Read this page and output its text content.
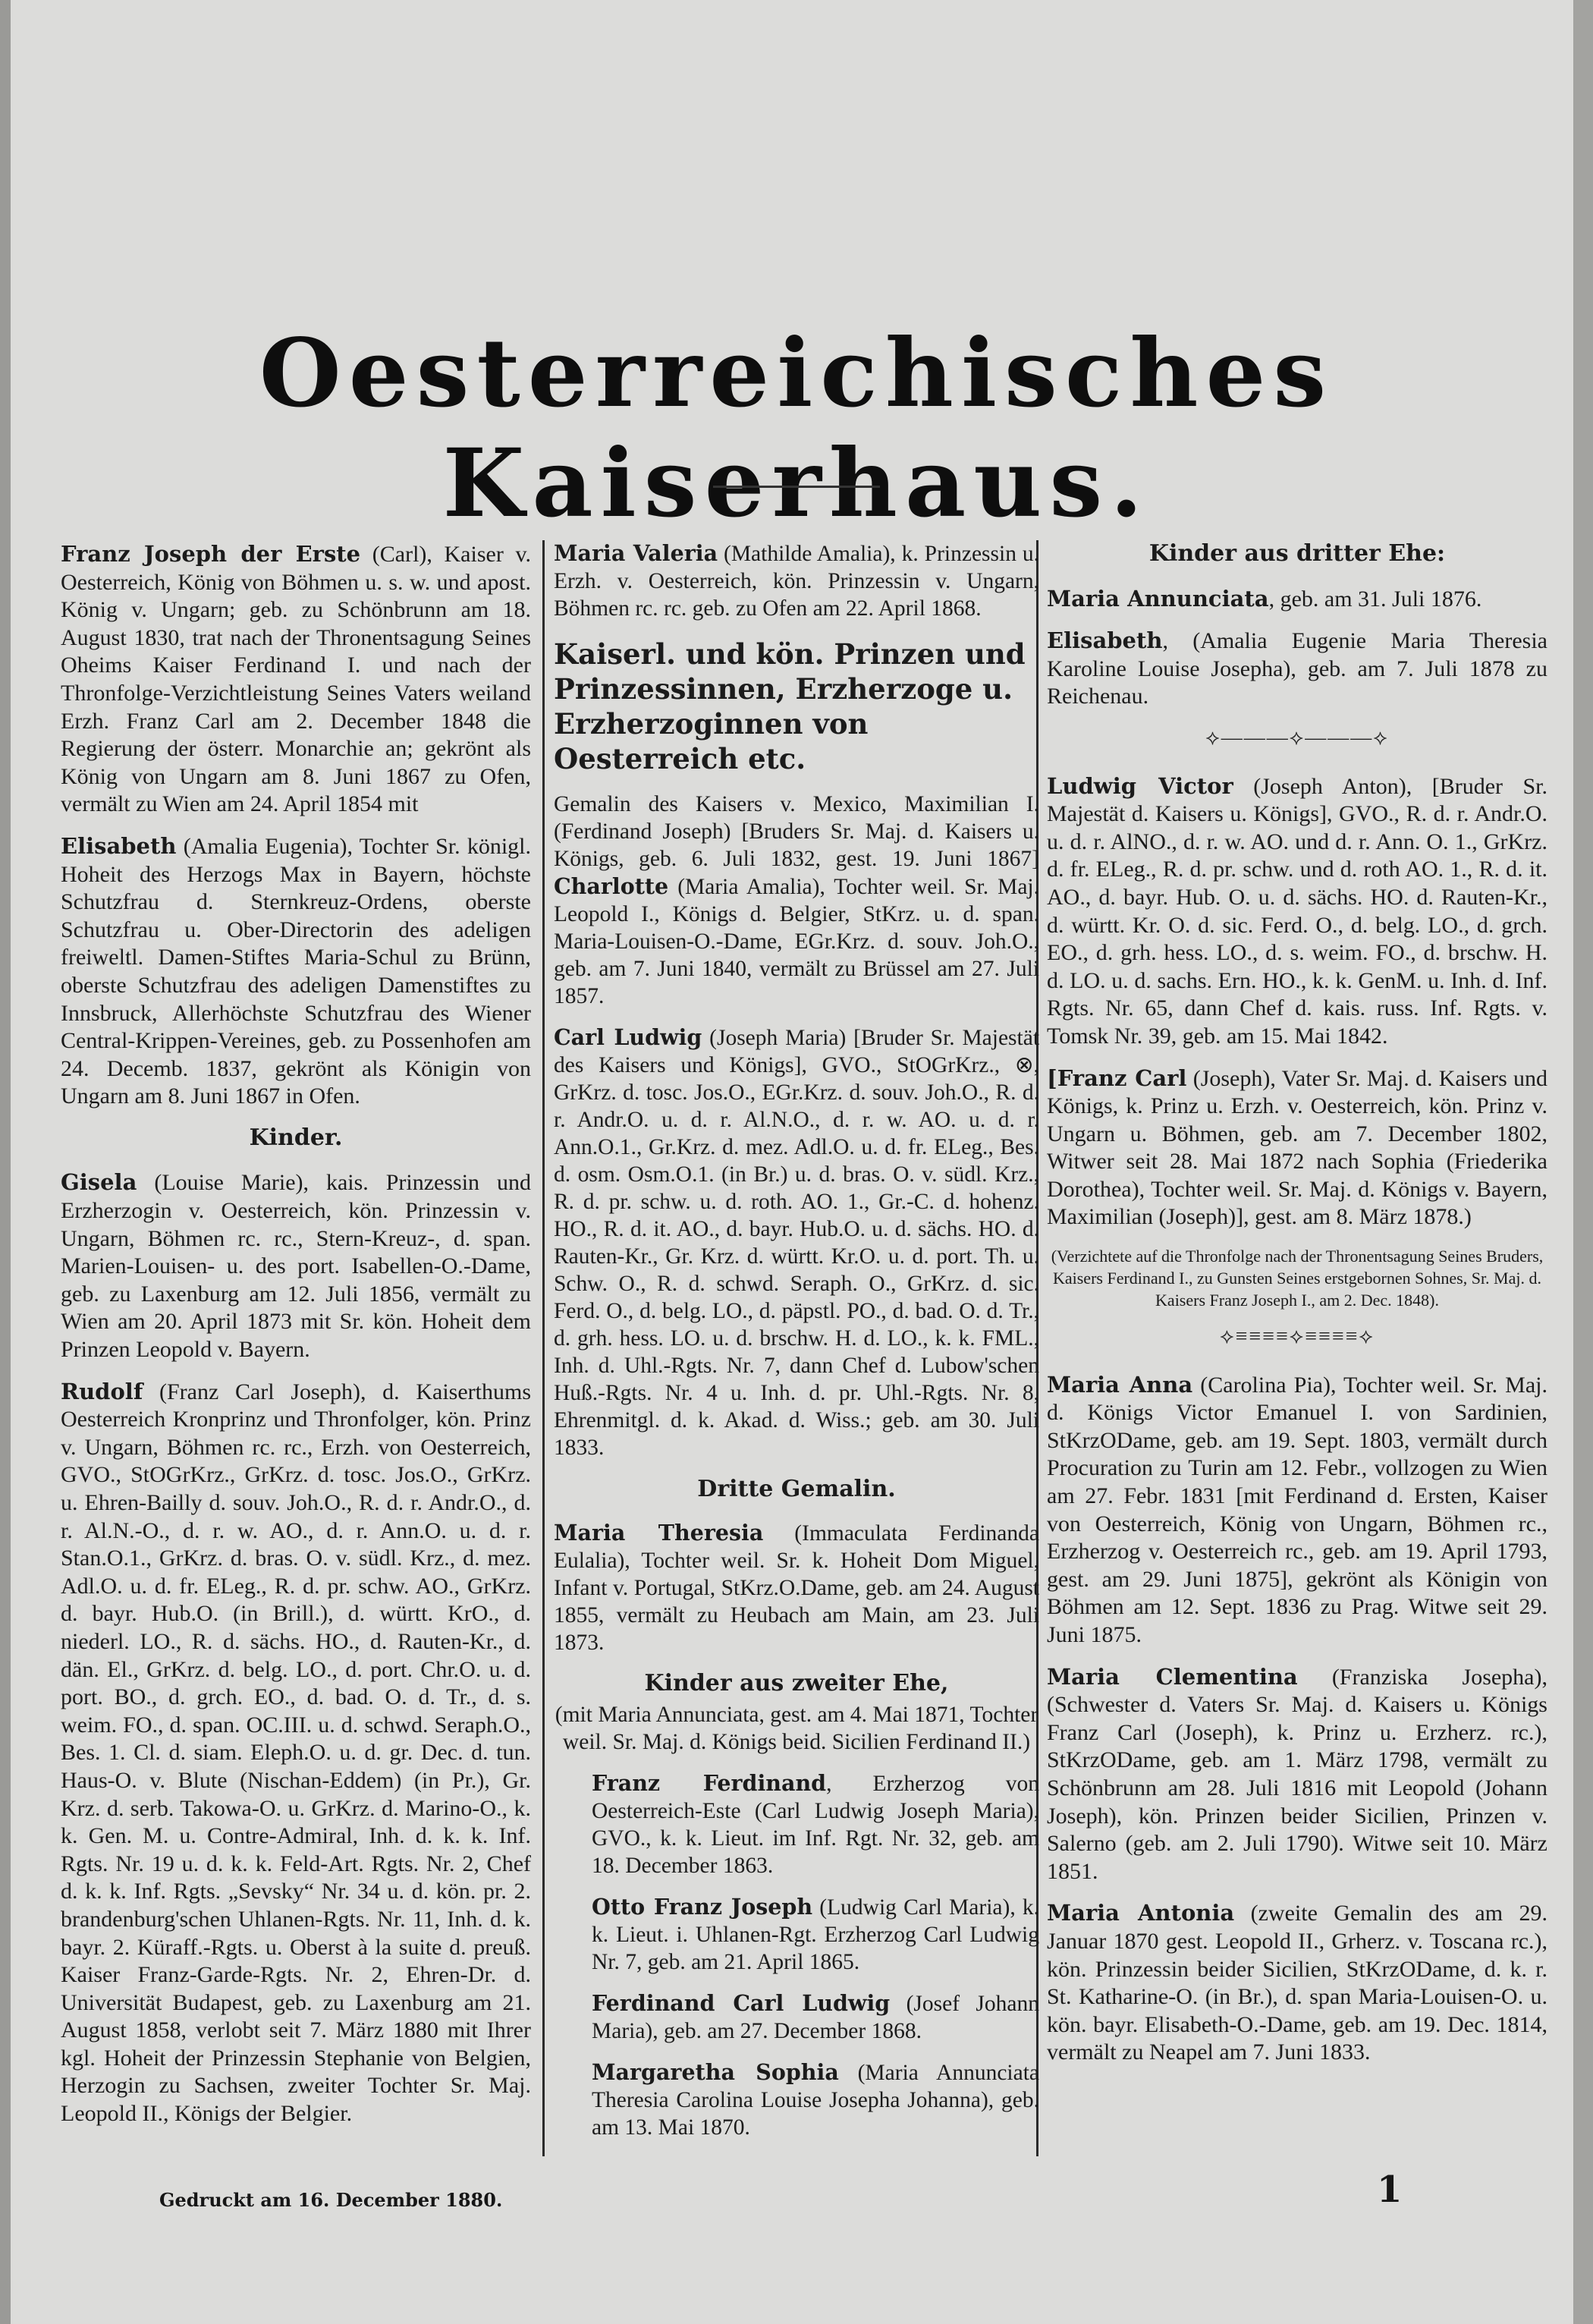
Oesterreichisches Kaiserhaus.

Franz Joseph der Erste (Carl), Kaiser v. Oesterreich, König von Böhmen u. s. w. und apost. König v. Ungarn; geb. zu Schönbrunn am 18. August 1830, trat nach der Thronentsagung Seines Oheims Kaiser Ferdinand I. und nach der Thronfolge-Verzichtleistung Seines Vaters weiland Erzh. Franz Carl am 2. December 1848 die Regierung der österr. Monarchie an; gekrönt als König von Ungarn am 8. Juni 1867 zu Ofen, vermält zu Wien am 24. April 1854 mit

Elisabeth (Amalia Eugenia), Tochter Sr. königl. Hoheit des Herzogs Max in Bayern, höchste Schutzfrau d. Sternkreuz-Ordens, oberste Schutzfrau u. Ober-Directorin des adeligen freiweltl. Damen-Stiftes Maria-Schul zu Brünn, oberste Schutzfrau des adeligen Damenstiftes zu Innsbruck, Allerhöchste Schutzfrau des Wiener Central-Krippen-Vereines, geb. zu Possenhofen am 24. Decemb. 1837, gekrönt als Königin von Ungarn am 8. Juni 1867 in Ofen.

Kinder.

Gisela (Louise Marie), kais. Prinzessin und Erzherzogin v. Oesterreich, kön. Prinzessin v. Ungarn, Böhmen rc. rc., Stern-Kreuz-, d. span. Marien-Louisen- u. des port. Isabellen-O.-Dame, geb. zu Laxenburg am 12. Juli 1856, vermält zu Wien am 20. April 1873 mit Sr. kön. Hoheit dem Prinzen Leopold v. Bayern.

Rudolf (Franz Carl Joseph), d. Kaiserthums Oesterreich Kronprinz und Thronfolger, kön. Prinz v. Ungarn, Böhmen rc. rc., Erzh. von Oesterreich, GVO., StOGrKrz., GrKrz. d. tosc. Jos.O., GrKrz. u. Ehren-Bailly d. souv. Joh.O., R. d. r. Andr.O., d. r. Al.N.-O., d. r. w. AO., d. r. Ann.O. u. d. r. Stan.O.1., GrKrz. d. bras. O. v. südl. Krz., d. mez. Adl.O. u. d. fr. ELeg., R. d. pr. schw. AO., GrKrz. d. bayr. Hub.O. (in Brill.), d. württ. KrO., d. niederl. LO., R. d. sächs. HO., d. Rauten-Kr., d. dän. El., GrKrz. d. belg. LO., d. port. Chr.O. u. d. port. BO., d. grch. EO., d. bad. O. d. Tr., d. s. weim. FO., d. span. OC.III. u. d. schwd. Seraph.O., Bes. 1. Cl. d. siam. Eleph.O. u. d. gr. Dec. d. tun. Haus-O. v. Blute (Nischan-Eddem) (in Pr.), Gr. Krz. d. serb. Takowa-O. u. GrKrz. d. Marino-O., k. k. Gen. M. u. Contre-Admiral, Inh. d. k. k. Inf. Rgts. Nr. 19 u. d. k. k. Feld-Art. Rgts. Nr. 2, Chef d. k. k. Inf. Rgts. „Sevsky“ Nr. 34 u. d. kön. pr. 2. brandenburg'schen Uhlanen-Rgts. Nr. 11, Inh. d. k. bayr. 2. Küraff.-Rgts. u. Oberst à la suite d. preuß. Kaiser Franz-Garde-Rgts. Nr. 2, Ehren-Dr. d. Universität Budapest, geb. zu Laxenburg am 21. August 1858, verlobt seit 7. März 1880 mit Ihrer kgl. Hoheit der Prinzessin Stephanie von Belgien, Herzogin zu Sachsen, zweiter Tochter Sr. Maj. Leopold II., Königs der Belgier.

Maria Valeria (Mathilde Amalia), k. Prinzessin u. Erzh. v. Oesterreich, kön. Prinzessin v. Ungarn, Böhmen rc. rc. geb. zu Ofen am 22. April 1868.

Kaiserl. und kön. Prinzen und Prinzessinnen, Erzherzoge u. Erzherzoginnen von Oesterreich etc.

Gemalin des Kaisers v. Mexico, Maximilian I. (Ferdinand Joseph) [Bruders Sr. Maj. d. Kaisers u. Königs, geb. 6. Juli 1832, gest. 19. Juni 1867] Charlotte (Maria Amalia), Tochter weil. Sr. Maj. Leopold I., Königs d. Belgier, StKrz. u. d. span. Maria-Louisen-O.-Dame, EGr.Krz. d. souv. Joh.O., geb. am 7. Juni 1840, vermält zu Brüssel am 27. Juli 1857.

Carl Ludwig (Joseph Maria) [Bruder Sr. Majestät des Kaisers und Königs], GVO., StOGrKrz., ⊗, GrKrz. d. tosc. Jos.O., EGr.Krz. d. souv. Joh.O., R. d. r. Andr.O. u. d. r. Al.N.O., d. r. w. AO. u. d. r. Ann.O.1., Gr.Krz. d. mez. Adl.O. u. d. fr. ELeg., Bes. d. osm. Osm.O.1. (in Br.) u. d. bras. O. v. südl. Krz., R. d. pr. schw. u. d. roth. AO. 1., Gr.-C. d. hohenz. HO., R. d. it. AO., d. bayr. Hub.O. u. d. sächs. HO. d. Rauten-Kr., Gr. Krz. d. württ. Kr.O. u. d. port. Th. u. Schw. O., R. d. schwd. Seraph. O., GrKrz. d. sic. Ferd. O., d. belg. LO., d. päpstl. PO., d. bad. O. d. Tr., d. grh. hess. LO. u. d. brschw. H. d. LO., k. k. FML., Inh. d. Uhl.-Rgts. Nr. 7, dann Chef d. Lubow'schen Huß.-Rgts. Nr. 4 u. Inh. d. pr. Uhl.-Rgts. Nr. 8, Ehrenmitgl. d. k. Akad. d. Wiss.; geb. am 30. Juli 1833.

Dritte Gemalin.

Maria Theresia (Immaculata Ferdinanda Eulalia), Tochter weil. Sr. k. Hoheit Dom Miguel, Infant v. Portugal, StKrz.O.Dame, geb. am 24. August 1855, vermält zu Heubach am Main, am 23. Juli 1873.

Kinder aus zweiter Ehe,

(mit Maria Annunciata, gest. am 4. Mai 1871, Tochter weil. Sr. Maj. d. Königs beid. Sicilien Ferdinand II.)

Franz Ferdinand, Erzherzog von Oesterreich-Este (Carl Ludwig Joseph Maria), GVO., k. k. Lieut. im Inf. Rgt. Nr. 32, geb. am 18. December 1863.

Otto Franz Joseph (Ludwig Carl Maria), k. k. Lieut. i. Uhlanen-Rgt. Erzherzog Carl Ludwig Nr. 7, geb. am 21. April 1865.

Ferdinand Carl Ludwig (Josef Johann Maria), geb. am 27. December 1868.

Margaretha Sophia (Maria Annunciata Theresia Carolina Louise Josepha Johanna), geb. am 13. Mai 1870.

Kinder aus dritter Ehe:

Maria Annunciata, geb. am 31. Juli 1876.

Elisabeth, (Amalia Eugenie Maria Theresia Karoline Louise Josepha), geb. am 7. Juli 1878 zu Reichenau.

⟡———⟡———⟡

Ludwig Victor (Joseph Anton), [Bruder Sr. Majestät d. Kaisers u. Königs], GVO., R. d. r. Andr.O. u. d. r. AlNO., d. r. w. AO. und d. r. Ann. O. 1., GrKrz. d. fr. ELeg., R. d. pr. schw. und d. roth AO. 1., R. d. it. AO., d. bayr. Hub. O. u. d. sächs. HO. d. Rauten-Kr., d. württ. Kr. O. d. sic. Ferd. O., d. belg. LO., d. grch. EO., d. grh. hess. LO., d. s. weim. FO., d. brschw. H. d. LO. u. d. sachs. Ern. HO., k. k. GenM. u. Inh. d. Inf. Rgts. Nr. 65, dann Chef d. kais. russ. Inf. Rgts. v. Tomsk Nr. 39, geb. am 15. Mai 1842.

[Franz Carl (Joseph), Vater Sr. Maj. d. Kaisers und Königs, k. Prinz u. Erzh. v. Oesterreich, kön. Prinz v. Ungarn u. Böhmen, geb. am 7. December 1802, Witwer seit 28. Mai 1872 nach Sophia (Friederika Dorothea), Tochter weil. Sr. Maj. d. Königs v. Bayern, Maximilian (Joseph)], gest. am 8. März 1878.)

(Verzichtete auf die Thronfolge nach der Thronentsagung Seines Bruders, Kaisers Ferdinand I., zu Gunsten Seines erstgebornen Sohnes, Sr. Maj. d. Kaisers Franz Joseph I., am 2. Dec. 1848).

⟡≡≡≡≡⟡≡≡≡≡⟡

Maria Anna (Carolina Pia), Tochter weil. Sr. Maj. d. Königs Victor Emanuel I. von Sardinien, StKrzODame, geb. am 19. Sept. 1803, vermält durch Procuration zu Turin am 12. Febr., vollzogen zu Wien am 27. Febr. 1831 [mit Ferdinand d. Ersten, Kaiser von Oesterreich, König von Ungarn, Böhmen rc., Erzherzog v. Oesterreich rc., geb. am 19. April 1793, gest. am 29. Juni 1875], gekrönt als Königin von Böhmen am 12. Sept. 1836 zu Prag. Witwe seit 29. Juni 1875.

Maria Clementina (Franziska Josepha), (Schwester d. Vaters Sr. Maj. d. Kaisers u. Königs Franz Carl (Joseph), k. Prinz u. Erzherz. rc.), StKrzODame, geb. am 1. März 1798, vermält zu Schönbrunn am 28. Juli 1816 mit Leopold (Johann Joseph), kön. Prinzen beider Sicilien, Prinzen v. Salerno (geb. am 2. Juli 1790). Witwe seit 10. März 1851.

Maria Antonia (zweite Gemalin des am 29. Januar 1870 gest. Leopold II., Grherz. v. Toscana rc.), kön. Prinzessin beider Sicilien, StKrzODame, d. k. r. St. Katharine-O. (in Br.), d. span Maria-Louisen-O. u. kön. bayr. Elisabeth-O.-Dame, geb. am 19. Dec. 1814, vermält zu Neapel am 7. Juni 1833.

Gedruckt am 16. December 1880.	1
